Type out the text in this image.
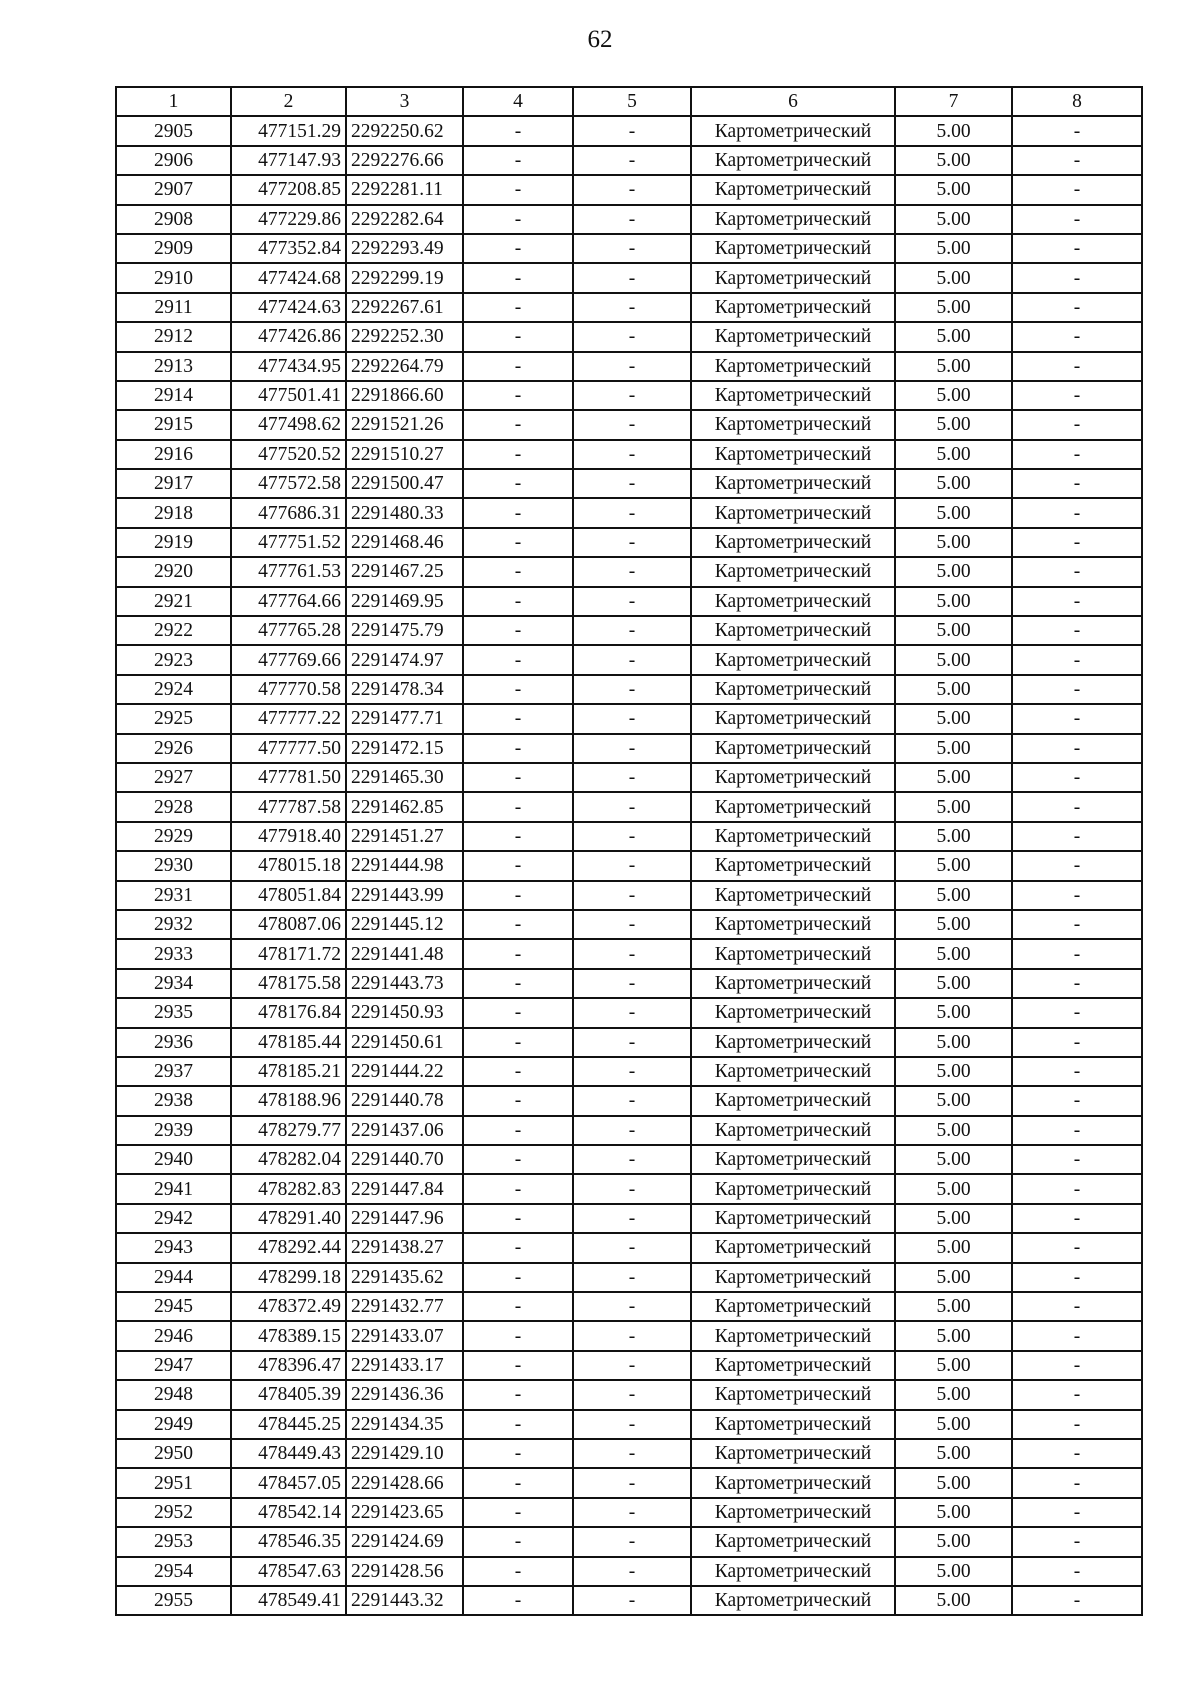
62
1	2	3	4	5	6	7	8
2905	477151.29	2292250.62	-	-	Картометрический	5.00	-
2906	477147.93	2292276.66	-	-	Картометрический	5.00	-
2907	477208.85	2292281.11	-	-	Картометрический	5.00	-
2908	477229.86	2292282.64	-	-	Картометрический	5.00	-
2909	477352.84	2292293.49	-	-	Картометрический	5.00	-
2910	477424.68	2292299.19	-	-	Картометрический	5.00	-
2911	477424.63	2292267.61	-	-	Картометрический	5.00	-
2912	477426.86	2292252.30	-	-	Картометрический	5.00	-
2913	477434.95	2292264.79	-	-	Картометрический	5.00	-
2914	477501.41	2291866.60	-	-	Картометрический	5.00	-
2915	477498.62	2291521.26	-	-	Картометрический	5.00	-
2916	477520.52	2291510.27	-	-	Картометрический	5.00	-
2917	477572.58	2291500.47	-	-	Картометрический	5.00	-
2918	477686.31	2291480.33	-	-	Картометрический	5.00	-
2919	477751.52	2291468.46	-	-	Картометрический	5.00	-
2920	477761.53	2291467.25	-	-	Картометрический	5.00	-
2921	477764.66	2291469.95	-	-	Картометрический	5.00	-
2922	477765.28	2291475.79	-	-	Картометрический	5.00	-
2923	477769.66	2291474.97	-	-	Картометрический	5.00	-
2924	477770.58	2291478.34	-	-	Картометрический	5.00	-
2925	477777.22	2291477.71	-	-	Картометрический	5.00	-
2926	477777.50	2291472.15	-	-	Картометрический	5.00	-
2927	477781.50	2291465.30	-	-	Картометрический	5.00	-
2928	477787.58	2291462.85	-	-	Картометрический	5.00	-
2929	477918.40	2291451.27	-	-	Картометрический	5.00	-
2930	478015.18	2291444.98	-	-	Картометрический	5.00	-
2931	478051.84	2291443.99	-	-	Картометрический	5.00	-
2932	478087.06	2291445.12	-	-	Картометрический	5.00	-
2933	478171.72	2291441.48	-	-	Картометрический	5.00	-
2934	478175.58	2291443.73	-	-	Картометрический	5.00	-
2935	478176.84	2291450.93	-	-	Картометрический	5.00	-
2936	478185.44	2291450.61	-	-	Картометрический	5.00	-
2937	478185.21	2291444.22	-	-	Картометрический	5.00	-
2938	478188.96	2291440.78	-	-	Картометрический	5.00	-
2939	478279.77	2291437.06	-	-	Картометрический	5.00	-
2940	478282.04	2291440.70	-	-	Картометрический	5.00	-
2941	478282.83	2291447.84	-	-	Картометрический	5.00	-
2942	478291.40	2291447.96	-	-	Картометрический	5.00	-
2943	478292.44	2291438.27	-	-	Картометрический	5.00	-
2944	478299.18	2291435.62	-	-	Картометрический	5.00	-
2945	478372.49	2291432.77	-	-	Картометрический	5.00	-
2946	478389.15	2291433.07	-	-	Картометрический	5.00	-
2947	478396.47	2291433.17	-	-	Картометрический	5.00	-
2948	478405.39	2291436.36	-	-	Картометрический	5.00	-
2949	478445.25	2291434.35	-	-	Картометрический	5.00	-
2950	478449.43	2291429.10	-	-	Картометрический	5.00	-
2951	478457.05	2291428.66	-	-	Картометрический	5.00	-
2952	478542.14	2291423.65	-	-	Картометрический	5.00	-
2953	478546.35	2291424.69	-	-	Картометрический	5.00	-
2954	478547.63	2291428.56	-	-	Картометрический	5.00	-
2955	478549.41	2291443.32	-	-	Картометрический	5.00	-
